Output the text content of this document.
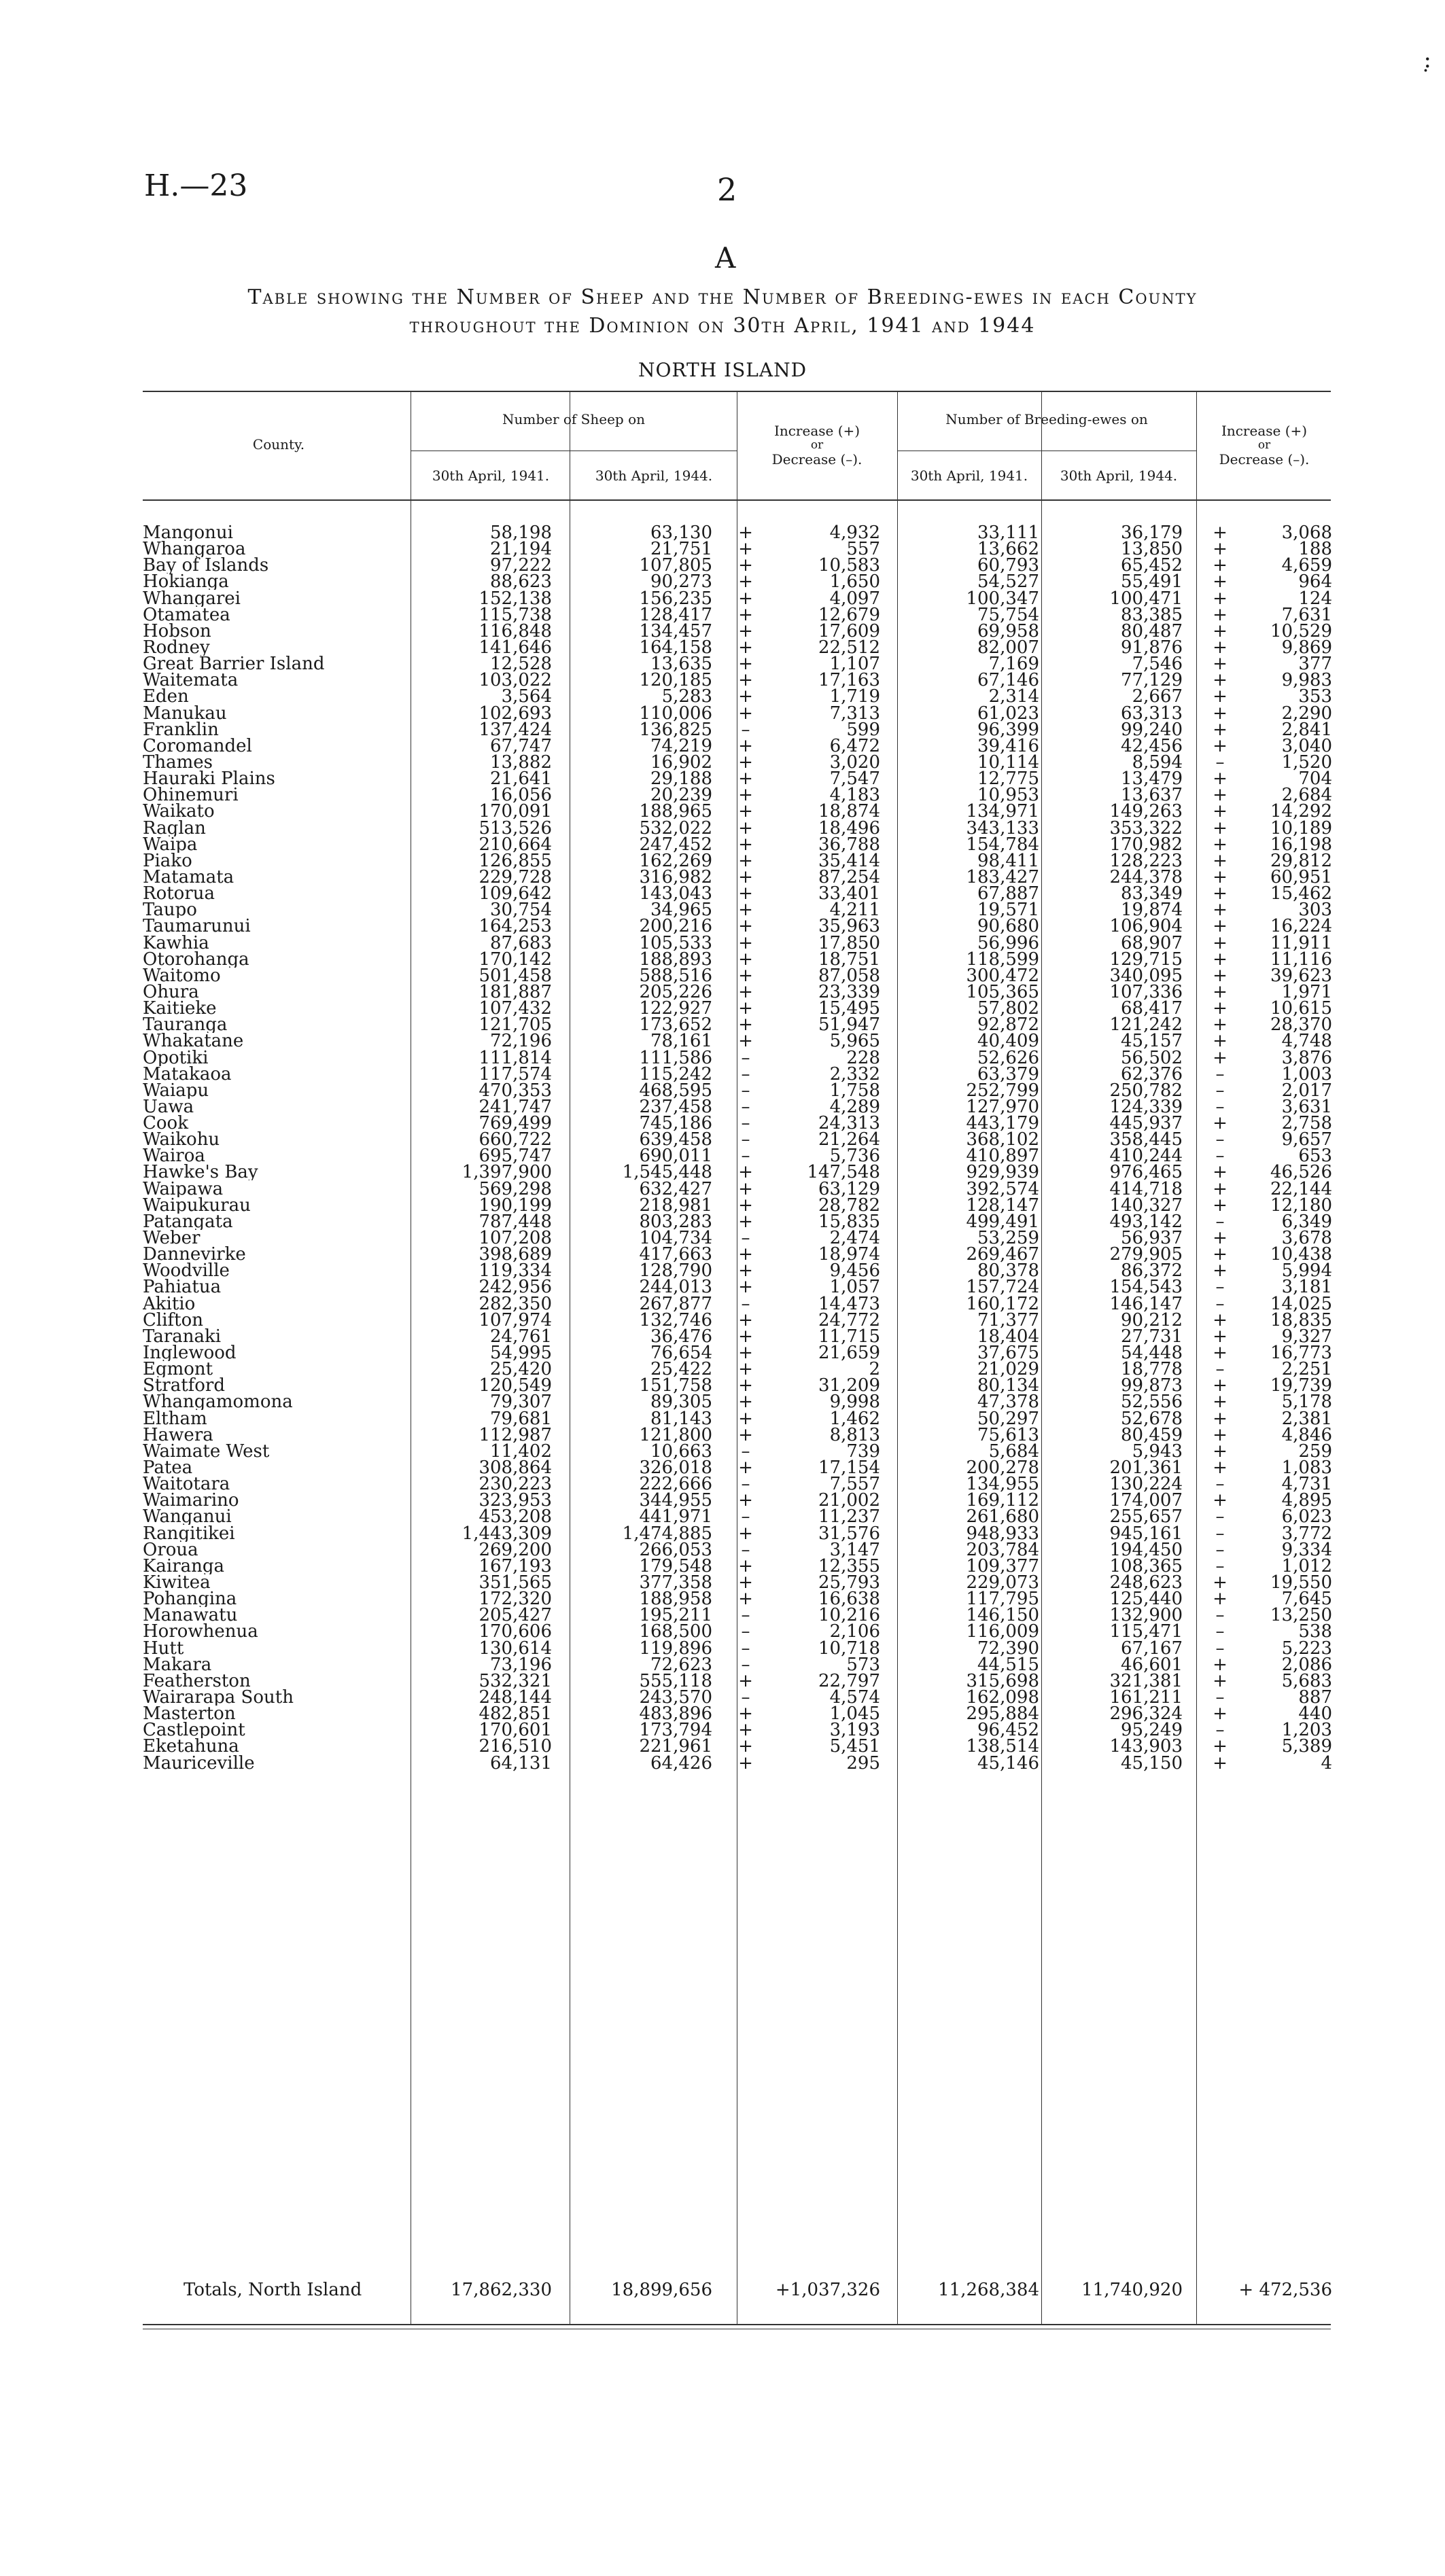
:̣
H.—23	2
A
Table showing the Number of Sheep and the Number of Breeding-ewes in each County
throughout the Dominion on 30th April, 1941 and 1944
NORTH ISLAND
County.
Number of Sheep on
30th April, 1941.	30th April, 1944.
Increase (+)
or
Decrease (–).
Number of Breeding-ewes on
30th April, 1941.	30th April, 1944.
Increase (+)
or
Decrease (–).
Mangonui	58,198	63,130 +	4,932	33,111	36,179 +	3,068
Whangaroa	21,194	21,751 +	557	13,662	13,850 +	188
Bay of Islands	97,222	107,805 +	10,583	60,793	65,452 +	4,659
Hokianga	88,623	90,273 +	1,650	54,527	55,491 +	964
Whangarei	152,138	156,235 +	4,097	100,347	100,471 +	124
Otamatea	115,738	128,417 +	12,679	75,754	83,385 +	7,631
Hobson	116,848	134,457 +	17,609	69,958	80,487 +	10,529
Rodney	141,646	164,158 +	22,512	82,007	91,876 +	9,869
Great Barrier Island	12,528	13,635 +	1,107	7,169	7,546 +	377
Waitemata	103,022	120,185 +	17,163	67,146	77,129 +	9,983
Eden	3,564	5,283 +	1,719	2,314	2,667 +	353
Manukau	102,693	110,006 +	7,313	61,023	63,313 +	2,290
Franklin	137,424	136,825	–	599	96,399	99,240 +	2,841
Coromandel	67,747	74,219 +	6,472	39,416	42,456 +	3,040
Thames	13,882	16,902 +	3,020	10,114	8,594	–	1,520
Hauraki Plains	21,641	29,188 +	7,547	12,775	13,479 +	704
Ohinemuri	16,056	20,239 +	4,183	10,953	13,637 +	2,684
Waikato	170,091	188,965 +	18,874	134,971	149,263 +	14,292
Raglan	513,526	532,022 +	18,496	343,133	353,322 +	10,189
Waipa	210,664	247,452 +	36,788	154,784	170,982 +	16,198
Piako	126,855	162,269 +	35,414	98,411	128,223 +	29,812
Matamata	229,728	316,982 +	87,254	183,427	244,378 +	60,951
Rotorua	109,642	143,043 +	33,401	67,887	83,349 +	15,462
Taupo	30,754	34,965 +	4,211	19,571	19,874 +	303
Taumarunui	164,253	200,216 +	35,963	90,680	106,904 +	16,224
Kawhia	87,683	105,533 +	17,850	56,996	68,907 +	11,911
Otorohanga	170,142	188,893 +	18,751	118,599	129,715 +	11,116
Waitomo	501,458	588,516 +	87,058	300,472	340,095 +	39,623
Ohura	181,887	205,226 +	23,339	105,365	107,336 +	1,971
Kaitieke	107,432	122,927 +	15,495	57,802	68,417 +	10,615
Tauranga	121,705	173,652 +	51,947	92,872	121,242 +	28,370
Whakatane	72,196	78,161 +	5,965	40,409	45,157 +	4,748
Opotiki	111,814	111,586	–	228	52,626	56,502 +	3,876
Matakaoa	117,574	115,242	–	2,332	63,379	62,376	–	1,003
Waiapu	470,353	468,595	–	1,758	252,799	250,782	–	2,017
Uawa	241,747	237,458	–	4,289	127,970	124,339	–	3,631
Cook	769,499	745,186	–	24,313	443,179	445,937 +	2,758
Waikohu	660,722	639,458	–	21,264	368,102	358,445	–	9,657
Wairoa	695,747	690,011	–	5,736	410,897	410,244	–	653
Hawke's Bay	1,397,900	1,545,448 +	147,548	929,939	976,465 +	46,526
Waipawa	569,298	632,427 +	63,129	392,574	414,718 +	22,144
Waipukurau	190,199	218,981 +	28,782	128,147	140,327 +	12,180
Patangata	787,448	803,283 +	15,835	499,491	493,142	–	6,349
Weber	107,208	104,734	–	2,474	53,259	56,937 +	3,678
Dannevirke	398,689	417,663 +	18,974	269,467	279,905 +	10,438
Woodville	119,334	128,790 +	9,456	80,378	86,372 +	5,994
Pahiatua	242,956	244,013 +	1,057	157,724	154,543	–	3,181
Akitio	282,350	267,877	–	14,473	160,172	146,147	–	14,025
Clifton	107,974	132,746 +	24,772	71,377	90,212 +	18,835
Taranaki	24,761	36,476 +	11,715	18,404	27,731 +	9,327
Inglewood	54,995	76,654 +	21,659	37,675	54,448 +	16,773
Egmont	25,420	25,422 +	2	21,029	18,778	–	2,251
Stratford	120,549	151,758 +	31,209	80,134	99,873 +	19,739
Whangamomona	79,307	89,305 +	9,998	47,378	52,556 +	5,178
Eltham	79,681	81,143 +	1,462	50,297	52,678 +	2,381
Hawera	112,987	121,800 +	8,813	75,613	80,459 +	4,846
Waimate West	11,402	10,663	–	739	5,684	5,943 +	259
Patea	308,864	326,018 +	17,154	200,278	201,361 +	1,083
Waitotara	230,223	222,666	–	7,557	134,955	130,224	–	4,731
Waimarino	323,953	344,955 +	21,002	169,112	174,007 +	4,895
Wanganui	453,208	441,971	–	11,237	261,680	255,657	–	6,023
Rangitikei	1,443,309	1,474,885 +	31,576	948,933	945,161	–	3,772
Oroua	269,200	266,053	–	3,147	203,784	194,450	–	9,334
Kairanga	167,193	179,548 +	12,355	109,377	108,365	–	1,012
Kiwitea	351,565	377,358 +	25,793	229,073	248,623 +	19,550
Pohangina	172,320	188,958 +	16,638	117,795	125,440 +	7,645
Manawatu	205,427	195,211	–	10,216	146,150	132,900	–	13,250
Horowhenua	170,606	168,500	–	2,106	116,009	115,471	–	538
Hutt	130,614	119,896	–	10,718	72,390	67,167	–	5,223
Makara	73,196	72,623	–	573	44,515	46,601 +	2,086
Featherston	532,321	555,118 +	22,797	315,698	321,381 +	5,683
Wairarapa South	248,144	243,570	–	4,574	162,098	161,211	–	887
Masterton	482,851	483,896 +	1,045	295,884	296,324 +	440
Castlepoint	170,601	173,794 +	3,193	96,452	95,249	–	1,203
Eketahuna	216,510	221,961 +	5,451	138,514	143,903 +	5,389
Mauriceville	64,131	64,426 +	295	45,146	45,150 +	4
Totals, North Island	17,862,330	18,899,656	+1,037,326	11,268,384	11,740,920	+ 472,536
